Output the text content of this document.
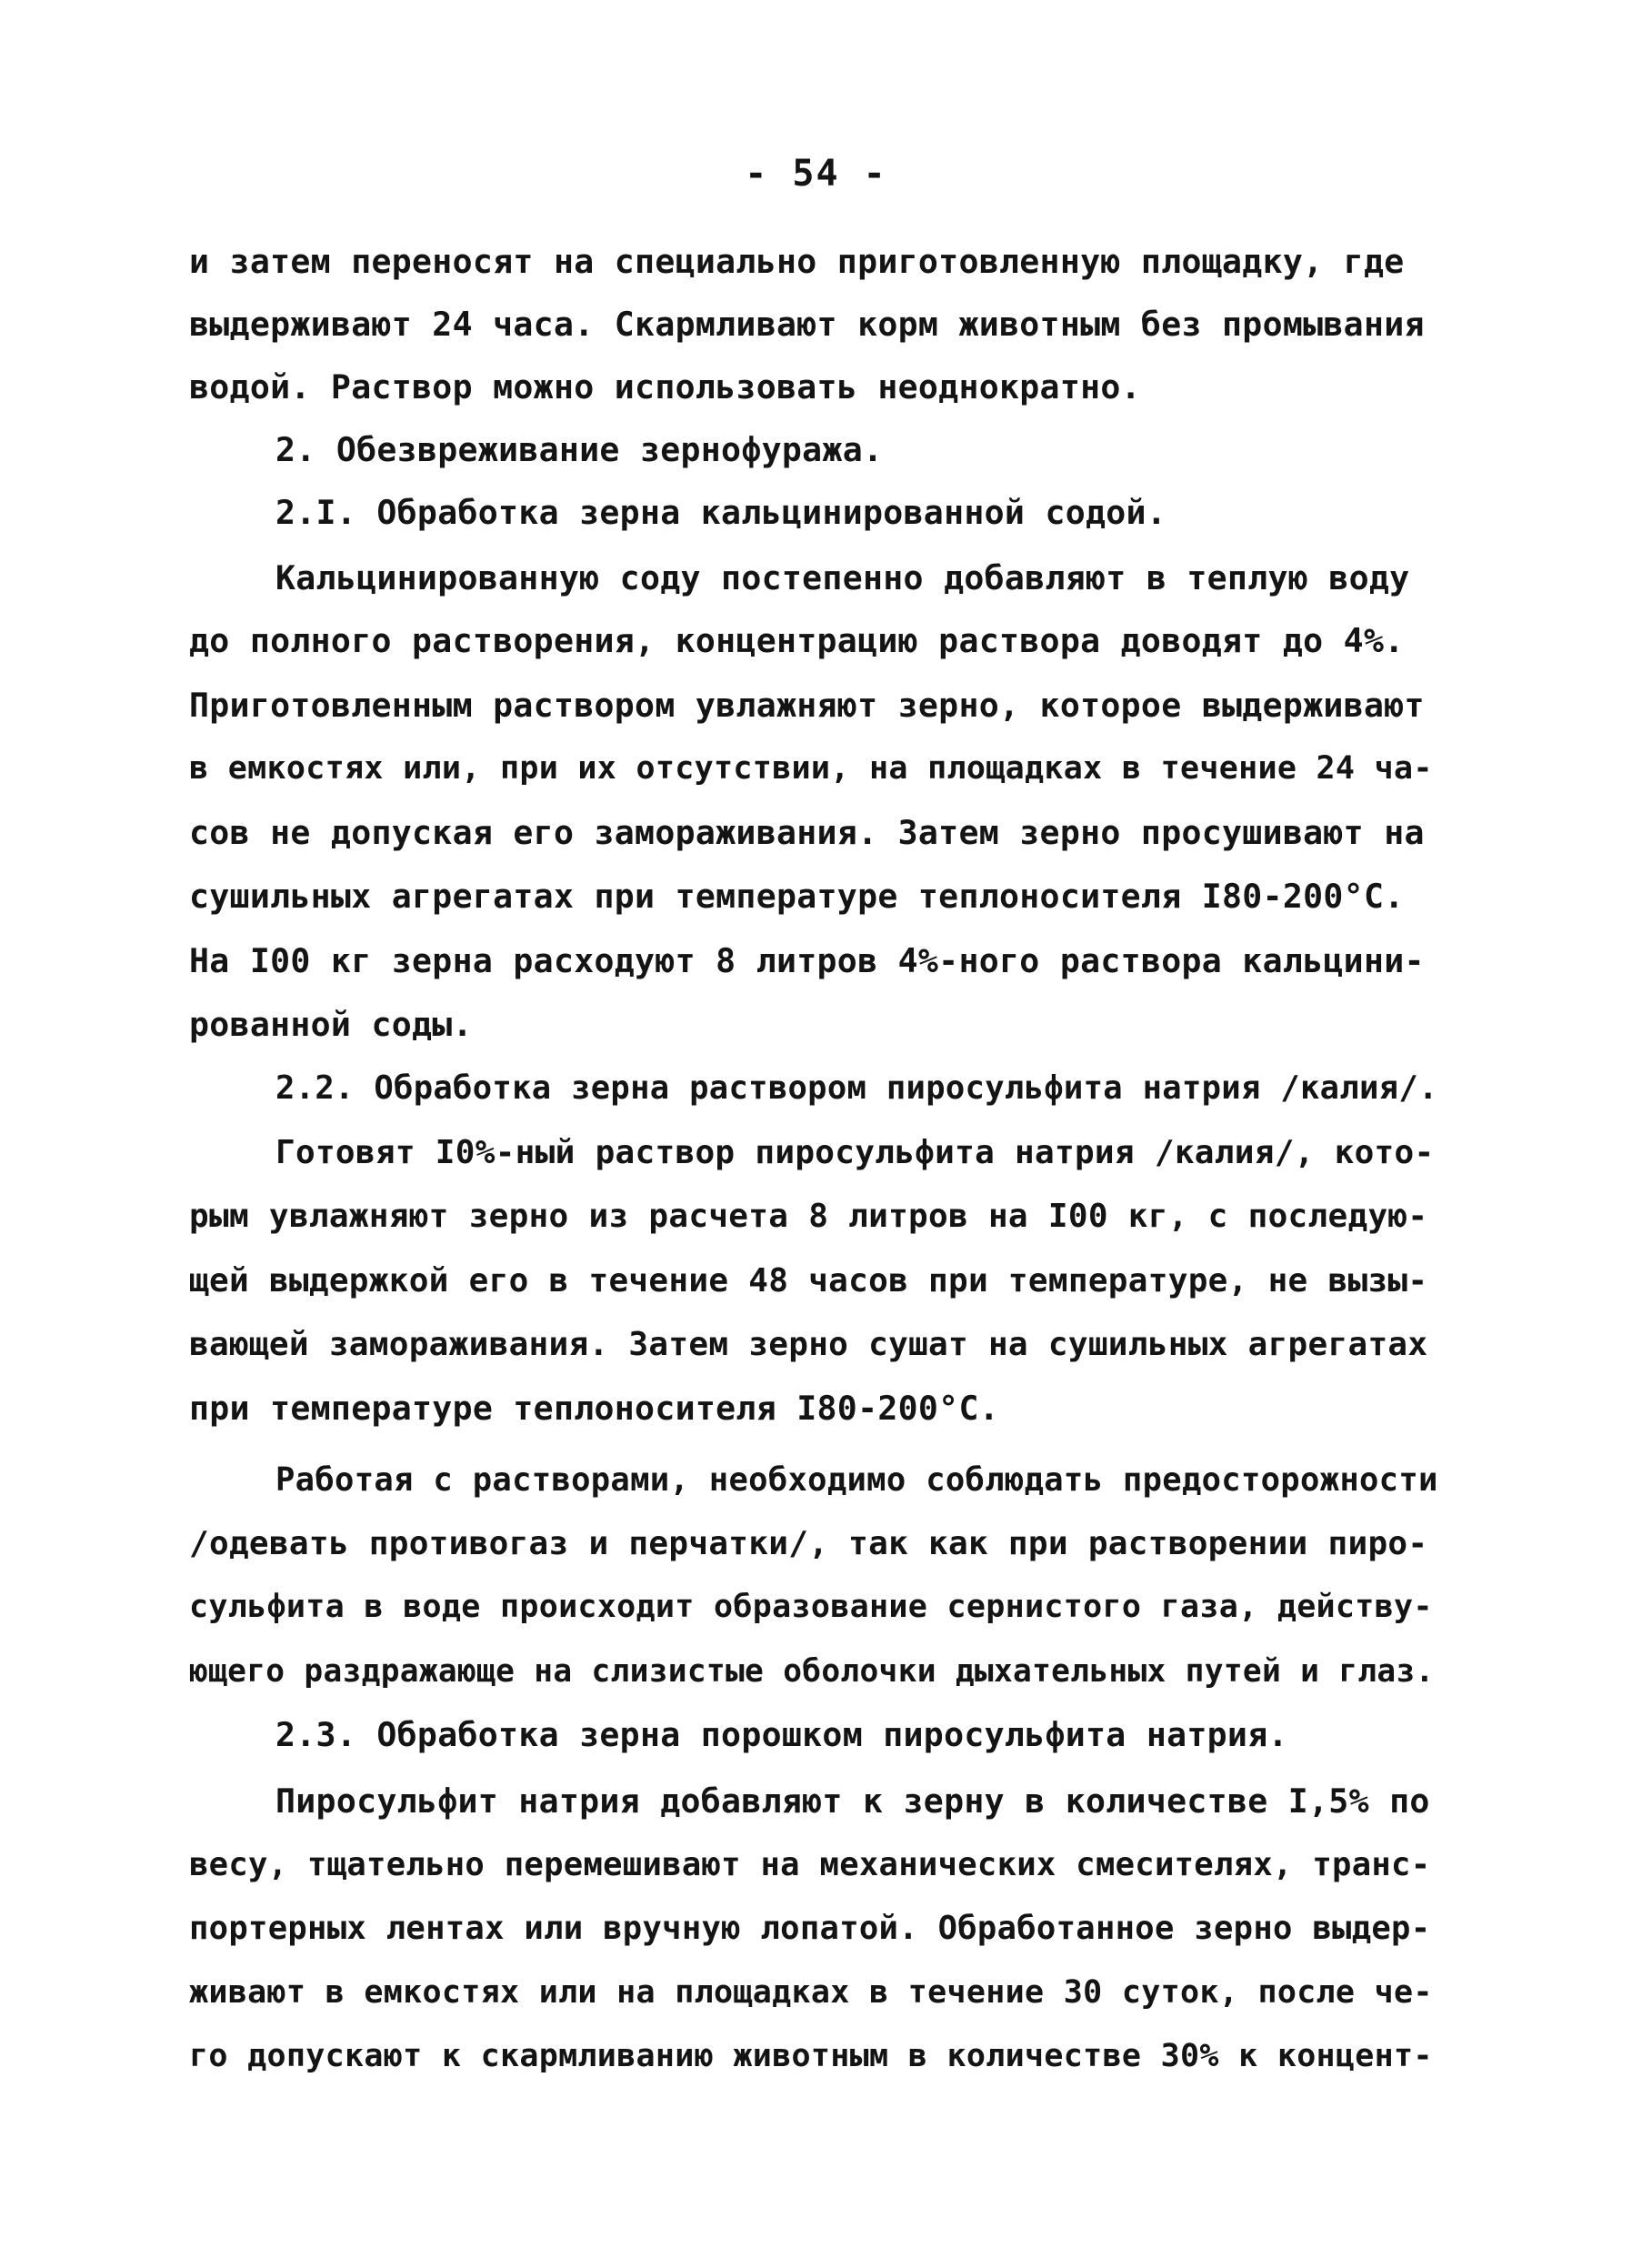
- 54 -
и затем переносят на специально приготовленную площадку, где
выдерживают 24 часа. Скармливают корм животным без промывания
водой. Раствор можно использовать неоднократно.
2. Обезвреживание зернофуража.
2.I. Обработка зерна кальцинированной содой.
Кальцинированную соду постепенно добавляют в теплую воду
до полного растворения, концентрацию раствора доводят до 4%.
Приготовленным раствором увлажняют зерно, которое выдерживают
в емкостях или, при их отсутствии, на площадках в течение 24 ча-
сов не допуская его замораживания. Затем зерно просушивают на
сушильных агрегатах при температуре теплоносителя I80-200°С.
На I00 кг зерна расходуют 8 литров 4%-ного раствора кальцини-
рованной соды.
2.2. Обработка зерна раствором пиросульфита натрия /калия/.
Готовят I0%-ный раствор пиросульфита натрия /калия/, кото-
рым увлажняют зерно из расчета 8 литров на I00 кг, с последую-
щей выдержкой его в течение 48 часов при температуре, не вызы-
вающей замораживания. Затем зерно сушат на сушильных агрегатах
при температуре теплоносителя I80-200°С.
Работая с растворами, необходимо соблюдать предосторожности
/одевать противогаз и перчатки/, так как при растворении пиро-
сульфита в воде происходит образование сернистого газа, действу-
ющего раздражающе на слизистые оболочки дыхательных путей и глаз.
2.3. Обработка зерна порошком пиросульфита натрия.
Пиросульфит натрия добавляют к зерну в количестве I,5% по
весу, тщательно перемешивают на механических смесителях, транс-
портерных лентах или вручную лопатой. Обработанное зерно выдер-
живают в емкостях или на площадках в течение 30 суток, после че-
го допускают к скармливанию животным в количестве 30% к концент-
